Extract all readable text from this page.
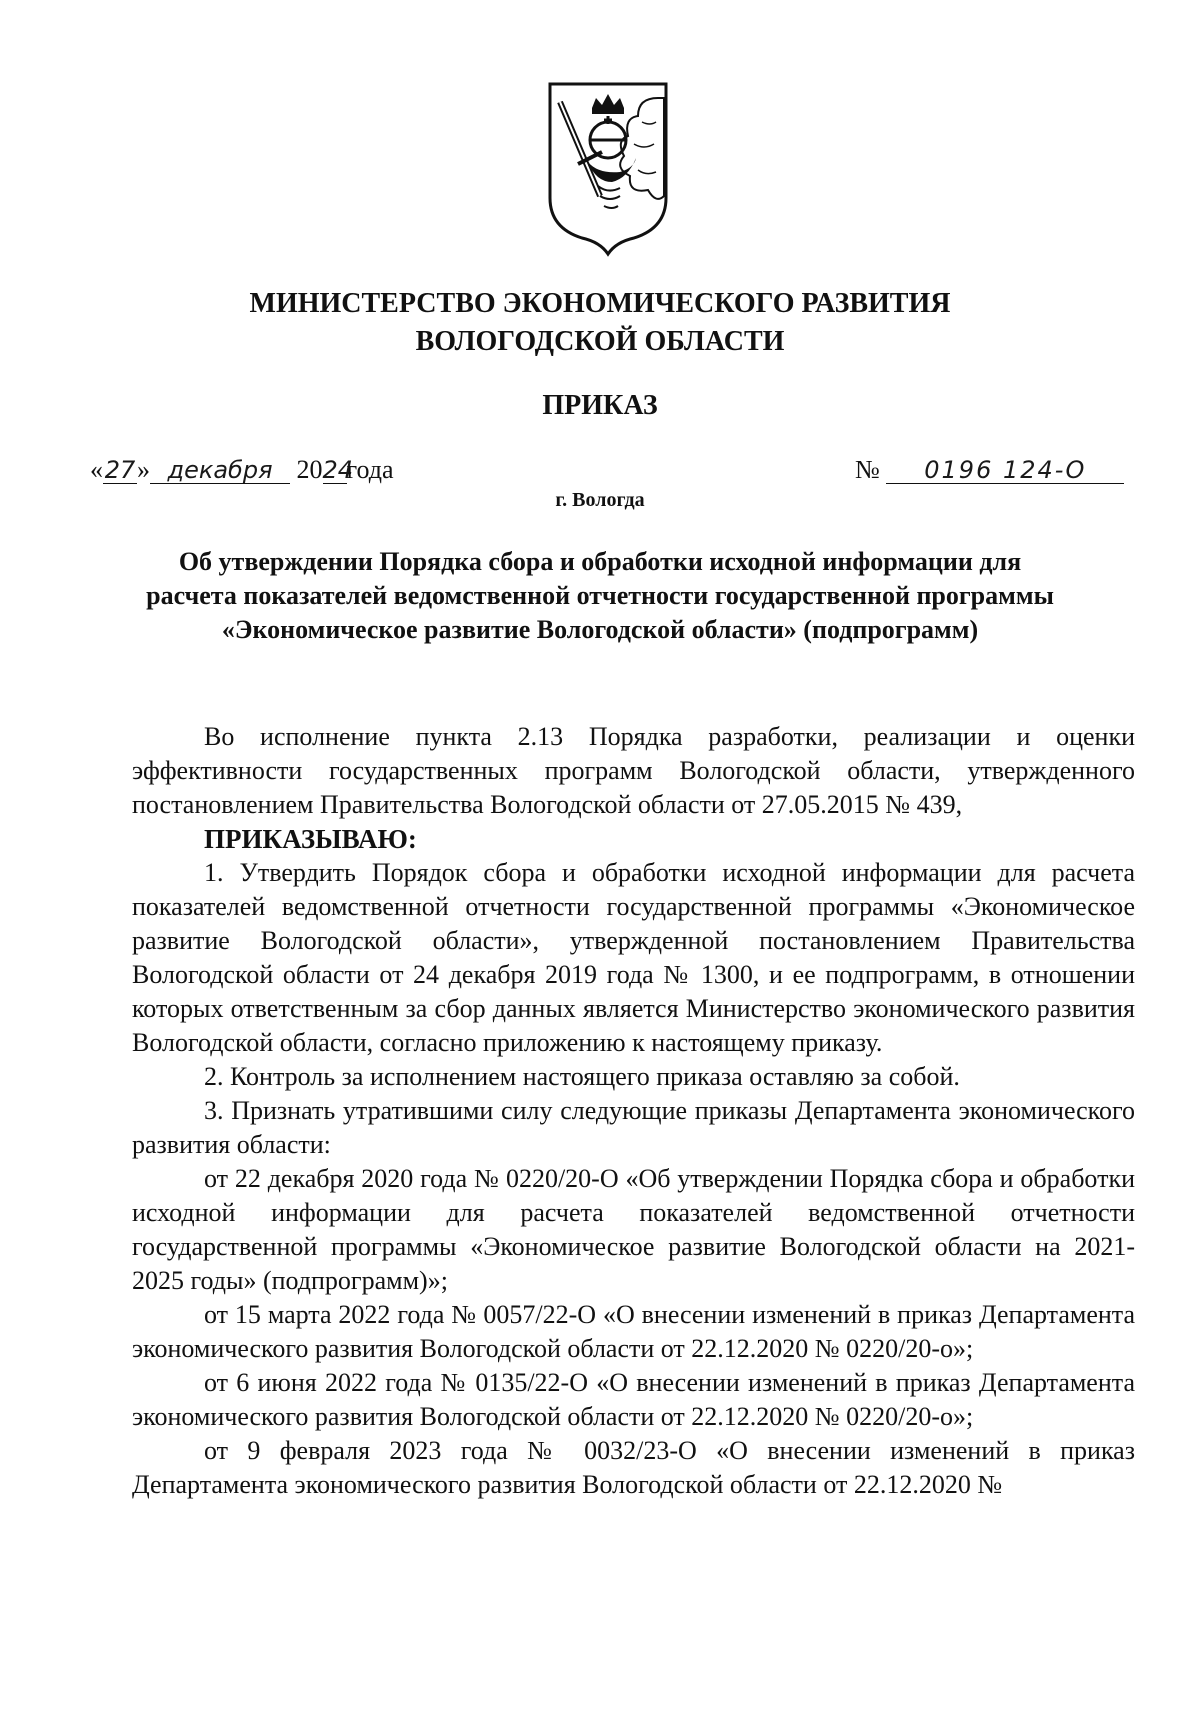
МИНИСТЕРСТВО ЭКОНОМИЧЕСКОГО РАЗВИТИЯ
ВОЛОГОДСКОЙ ОБЛАСТИ
ПРИКАЗ
«27» декабря 2024года	№ 0196 124-О
г. Вологда
Об утверждении Порядка сбора и обработки исходной информации для
расчета показателей ведомственной отчетности государственной программы
«Экономическое развитие Вологодской области» (подпрограмм)

Во исполнение пункта 2.13 Порядка разработки, реализации и оценки эффективности государственных программ Вологодской области, утвержденного постановлением Правительства Вологодской области от 27.05.2015 № 439,

ПРИКАЗЫВАЮ:

1. Утвердить Порядок сбора и обработки исходной информации для расчета показателей ведомственной отчетности государственной программы «Экономическое развитие Вологодской области», утвержденной постановлением Правительства Вологодской области от 24 декабря 2019 года № 1300, и ее подпрограмм, в отношении которых ответственным за сбор данных является Министерство экономического развития Вологодской области, согласно приложению к настоящему приказу.

2. Контроль за исполнением настоящего приказа оставляю за собой.

3. Признать утратившими силу следующие приказы Департамента экономического развития области:

от 22 декабря 2020 года № 0220/20-О «Об утверждении Порядка сбора и обработки исходной информации для расчета показателей ведомственной отчетности государственной программы «Экономическое развитие Вологодской области на 2021-2025 годы» (подпрограмм)»;

от 15 марта 2022 года № 0057/22-О «О внесении изменений в приказ Департамента экономического развития Вологодской области от 22.12.2020 № 0220/20-о»;

от 6 июня 2022 года № 0135/22-О «О внесении изменений в приказ Департамента экономического развития Вологодской области от 22.12.2020 № 0220/20-о»;

от 9 февраля 2023 года № 0032/23-О «О внесении изменений в приказ Департамента экономического развития Вологодской области от 22.12.2020 №
